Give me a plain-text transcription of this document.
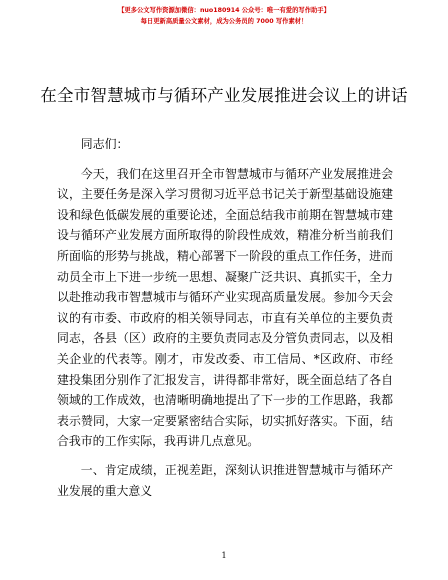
【更多公文写作资源加微信：nuo180914 公众号：唯一有爱的写作助手】
每日更新高质量公文素材，成为公务员的 7000 写作素材！
在全市智慧城市与循环产业发展推进会议上的讲话

同志们：

今天，我们在这里召开全市智慧城市与循环产业发展推进会议，主要任务是深入学习贯彻习近平总书记关于新型基础设施建设和绿色低碳发展的重要论述，全面总结我市前期在智慧城市建设与循环产业发展方面所取得的阶段性成效，精准分析当前我们所面临的形势与挑战，精心部署下一阶段的重点工作任务，进而动员全市上下进一步统一思想、凝聚广泛共识、真抓实干，全力以赴推动我市智慧城市与循环产业实现高质量发展。参加今天会议的有市委、市政府的相关领导同志，市直有关单位的主要负责同志，各县（区）政府的主要负责同志及分管负责同志，以及相关企业的代表等。刚才，市发改委、市工信局、*区政府、市经建投集团分别作了汇报发言，讲得都非常好，既全面总结了各自领域的工作成效，也清晰明确地提出了下一步的工作思路，我都表示赞同，大家一定要紧密结合实际，切实抓好落实。下面，结合我市的工作实际，我再讲几点意见。

一、肯定成绩，正视差距，深刻认识推进智慧城市与循环产业发展的重大意义

1
